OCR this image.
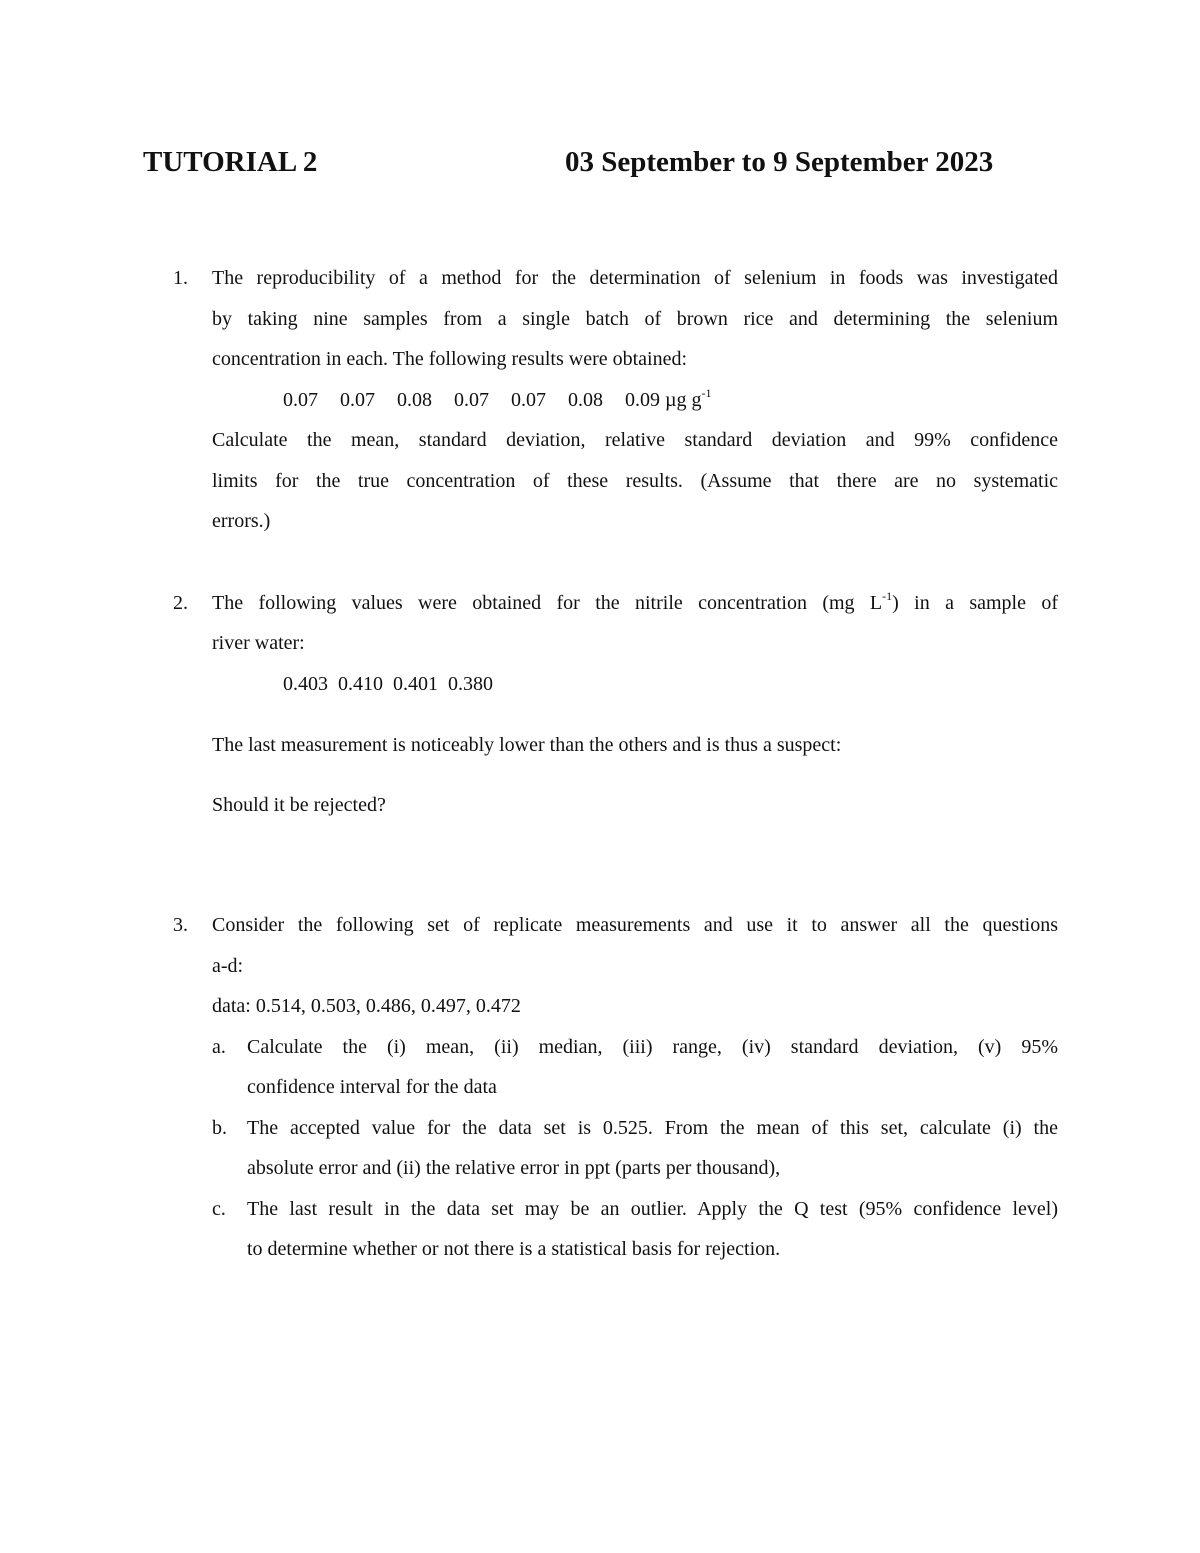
TUTORIAL 2	03 September to 9 September 2023
1. The reproducibility of a method for the determination of selenium in foods was investigated
by taking nine samples from a single batch of brown rice and determining the selenium
concentration in each. The following results were obtained:
0.07 0.07 0.08 0.07 0.07 0.08 0.09 µg $g^{-1}$
Calculate the mean, standard deviation, relative standard deviation and 99% confidence
limits for the true concentration of these results. (Assume that there are no systematic
errors.)
2. The following values were obtained for the nitrile concentration (mg $L^{-1}$) in a sample of
river water:
0.403 0.410 0.401 0.380
The last measurement is noticeably lower than the others and is thus a suspect:
Should it be rejected?
3. Consider the following set of replicate measurements and use it to answer all the questions
a-d:
data: 0.514, 0.503, 0.486, 0.497, 0.472
a. Calculate the (i) mean, (ii) median, (iii) range, (iv) standard deviation, (v) 95%
confidence interval for the data
b. The accepted value for the data set is 0.525. From the mean of this set, calculate (i) the
absolute error and (ii) the relative error in ppt (parts per thousand),
c. The last result in the data set may be an outlier. Apply the Q test (95% confidence level)
to determine whether or not there is a statistical basis for rejection.
